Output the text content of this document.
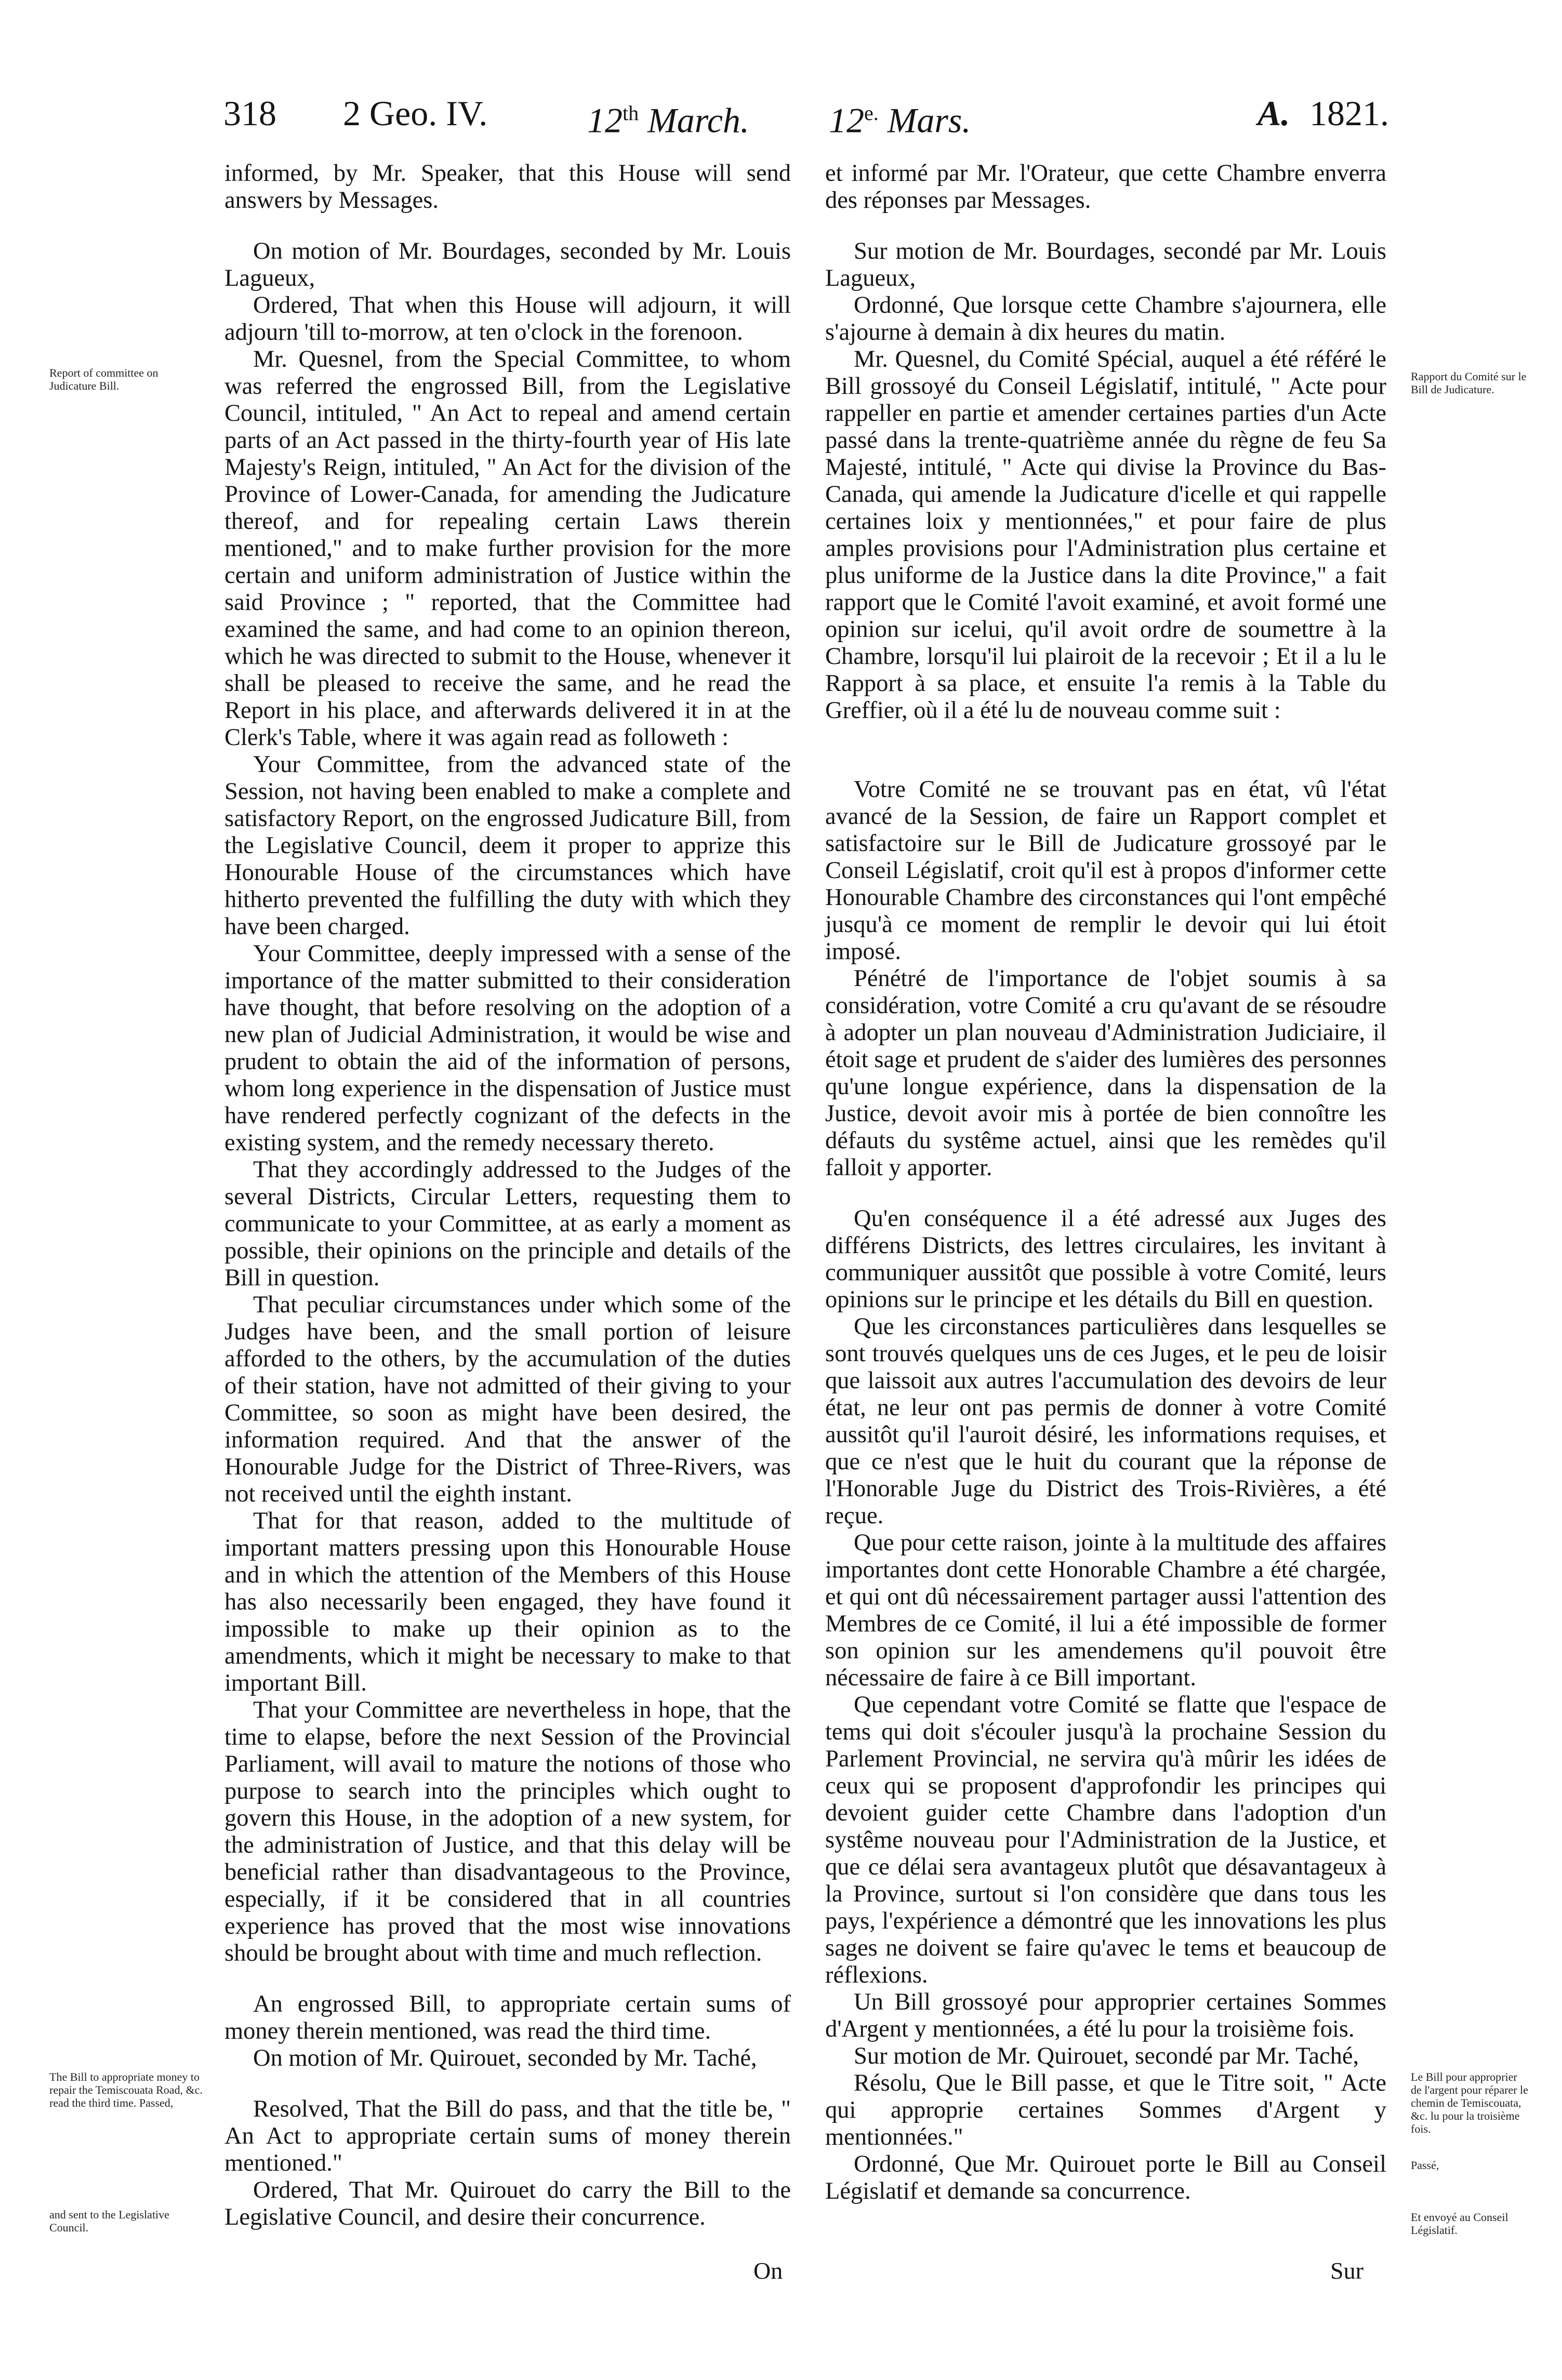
318 2 Geo. IV.	12th March. $12^{e.}$ Mars.	A. 1821.

informed, by Mr. Speaker, that this House will send answers by Messages.

On motion of Mr. Bourdages, seconded by Mr. Louis Lagueux,

Ordered, That when this House will adjourn, it will adjourn 'till to-morrow, at ten o'clock in the forenoon.

Mr. Quesnel, from the Special Committee, to whom was referred the engrossed Bill, from the Legislative Council, intituled, " An Act to repeal and amend certain parts of an Act passed in the thirty-fourth year of His late Majesty's Reign, intituled, " An Act for the division of the Province of Lower-Canada, for amending the Judicature thereof, and for repealing certain Laws therein mentioned," and to make further provision for the more certain and uniform administration of Justice within the said Province ; " reported, that the Committee had examined the same, and had come to an opinion thereon, which he was directed to submit to the House, whenever it shall be pleased to receive the same, and he read the Report in his place, and afterwards delivered it in at the Clerk's Table, where it was again read as followeth :

Your Committee, from the advanced state of the Session, not having been enabled to make a complete and satisfactory Report, on the engrossed Judicature Bill, from the Legislative Council, deem it proper to apprize this Honourable House of the circumstances which have hitherto prevented the fulfilling the duty with which they have been charged.

Your Committee, deeply impressed with a sense of the importance of the matter submitted to their consideration have thought, that before resolving on the adoption of a new plan of Judicial Administration, it would be wise and prudent to obtain the aid of the information of persons, whom long experience in the dispensation of Justice must have rendered perfectly cognizant of the defects in the existing system, and the remedy necessary thereto.

That they accordingly addressed to the Judges of the several Districts, Circular Letters, requesting them to communicate to your Committee, at as early a moment as possible, their opinions on the principle and details of the Bill in question.

That peculiar circumstances under which some of the Judges have been, and the small portion of leisure afforded to the others, by the accumulation of the duties of their station, have not admitted of their giving to your Committee, so soon as might have been desired, the information required. And that the answer of the Honourable Judge for the District of Three-Rivers, was not received until the eighth instant.

That for that reason, added to the multitude of important matters pressing upon this Honourable House and in which the attention of the Members of this House has also necessarily been engaged, they have found it impossible to make up their opinion as to the amendments, which it might be necessary to make to that important Bill.

That your Committee are nevertheless in hope, that the time to elapse, before the next Session of the Provincial Parliament, will avail to mature the notions of those who purpose to search into the principles which ought to govern this House, in the adoption of a new system, for the administration of Justice, and that this delay will be beneficial rather than disadvantageous to the Province, especially, if it be considered that in all countries experience has proved that the most wise innovations should be brought about with time and much reflection.

An engrossed Bill, to appropriate certain sums of money therein mentioned, was read the third time.

On motion of Mr. Quirouet, seconded by Mr. Taché,

Resolved, That the Bill do pass, and that the title be, " An Act to appropriate certain sums of money therein mentioned."

Ordered, That Mr. Quirouet do carry the Bill to the Legislative Council, and desire their concurrence.

et informé par Mr. l'Orateur, que cette Chambre enverra des réponses par Messages.

Sur motion de Mr. Bourdages, secondé par Mr. Louis Lagueux,

Ordonné, Que lorsque cette Chambre s'ajournera, elle s'ajourne à demain à dix heures du matin.

Mr. Quesnel, du Comité Spécial, auquel a été référé le Bill grossoyé du Conseil Législatif, intitulé, " Acte pour rappeller en partie et amender certaines parties d'un Acte passé dans la trente-quatrième année du règne de feu Sa Majesté, intitulé, " Acte qui divise la Province du Bas-Canada, qui amende la Judicature d'icelle et qui rappelle certaines loix y mentionnées," et pour faire de plus amples provisions pour l'Administration plus certaine et plus uniforme de la Justice dans la dite Province," a fait rapport que le Comité l'avoit examiné, et avoit formé une opinion sur icelui, qu'il avoit ordre de soumettre à la Chambre, lorsqu'il lui plairoit de la recevoir ; Et il a lu le Rapport à sa place, et ensuite l'a remis à la Table du Greffier, où il a été lu de nouveau comme suit :

Votre Comité ne se trouvant pas en état, vû l'état avancé de la Session, de faire un Rapport complet et satisfactoire sur le Bill de Judicature grossoyé par le Conseil Législatif, croit qu'il est à propos d'informer cette Honourable Chambre des circonstances qui l'ont empêché jusqu'à ce moment de remplir le devoir qui lui étoit imposé.

Pénétré de l'importance de l'objet soumis à sa considération, votre Comité a cru qu'avant de se résoudre à adopter un plan nouveau d'Administration Judiciaire, il étoit sage et prudent de s'aider des lumières des personnes qu'une longue expérience, dans la dispensation de la Justice, devoit avoir mis à portée de bien connoître les défauts du systême actuel, ainsi que les remèdes qu'il falloit y apporter.

Qu'en conséquence il a été adressé aux Juges des différens Districts, des lettres circulaires, les invitant à communiquer aussitôt que possible à votre Comité, leurs opinions sur le principe et les détails du Bill en question.

Que les circonstances particulières dans lesquelles se sont trouvés quelques uns de ces Juges, et le peu de loisir que laissoit aux autres l'accumulation des devoirs de leur état, ne leur ont pas permis de donner à votre Comité aussitôt qu'il l'auroit désiré, les informations requises, et que ce n'est que le huit du courant que la réponse de l'Honorable Juge du District des Trois-Rivières, a été reçue.

Que pour cette raison, jointe à la multitude des affaires importantes dont cette Honorable Chambre a été chargée, et qui ont dû nécessairement partager aussi l'attention des Membres de ce Comité, il lui a été impossible de former son opinion sur les amendemens qu'il pouvoit être nécessaire de faire à ce Bill important.

Que cependant votre Comité se flatte que l'espace de tems qui doit s'écouler jusqu'à la prochaine Session du Parlement Provincial, ne servira qu'à mûrir les idées de ceux qui se proposent d'approfondir les principes qui devoient guider cette Chambre dans l'adoption d'un systême nouveau pour l'Administration de la Justice, et que ce délai sera avantageux plutôt que désavantageux à la Province, surtout si l'on considère que dans tous les pays, l'expérience a démontré que les innovations les plus sages ne doivent se faire qu'avec le tems et beaucoup de réflexions.

Un Bill grossoyé pour approprier certaines Sommes d'Argent y mentionnées, a été lu pour la troisième fois.

Sur motion de Mr. Quirouet, secondé par Mr. Taché,

Résolu, Que le Bill passe, et que le Titre soit, " Acte qui approprie certaines Sommes d'Argent y mentionnées."

Ordonné, Que Mr. Quirouet porte le Bill au Conseil Législatif et demande sa concurrence.

Report of committee on Judicature Bill.
The Bill to appropriate money to repair the Temiscouata Road, &c. read the third time. Passed,
and sent to the Legislative Council.
Rapport du Comité sur le Bill de Judicature.
Le Bill pour approprier de l'argent pour réparer le chemin de Temiscouata, &c. lu pour la troisième fois.
Passé,
Et envoyé au Conseil Législatif.
On	Sur
